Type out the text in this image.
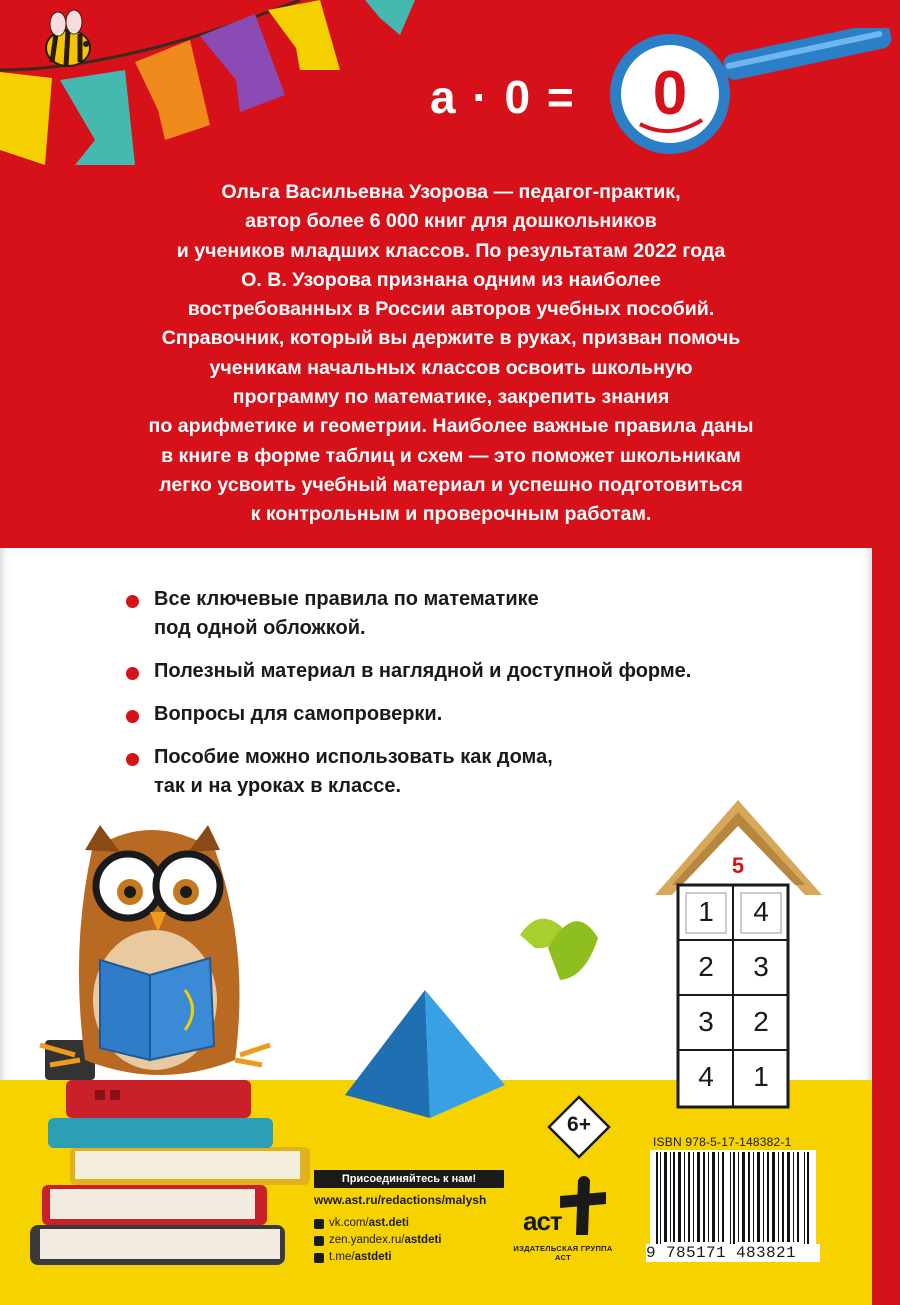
a · 0 =	0
Ольга Васильевна Узорова — педагог-практик,
автор более 6 000 книг для дошкольников
и учеников младших классов. По результатам 2022 года
О. В. Узорова признана одним из наиболее
востребованных в России авторов учебных пособий.
Справочник, который вы держите в руках, призван помочь
ученикам начальных классов освоить школьную
программу по математике, закрепить знания
по арифметике и геометрии. Наиболее важные правила даны
в книге в форме таблиц и схем — это поможет школьникам
легко усвоить учебный материал и успешно подготовиться
к контрольным и проверочным работам.
Все ключевые правила по математике
под одной обложкой.
Полезный материал в наглядной и доступной форме.
Вопросы для самопроверки.
Пособие можно использовать как дома,
так и на уроках в классе.
5
1	4
2	3
3	2
4	1
6+
Присоединяйтесь к нам!
www.ast.ru/redactions/malysh
vk.com/ ast.deti
zen.yandex.ru/ astdeti
t.me/ astdeti
аст
ИЗДАТЕЛЬСКАЯ ГРУППА АСТ
ISBN 978-5-17-148382-1
9 785171 483821
